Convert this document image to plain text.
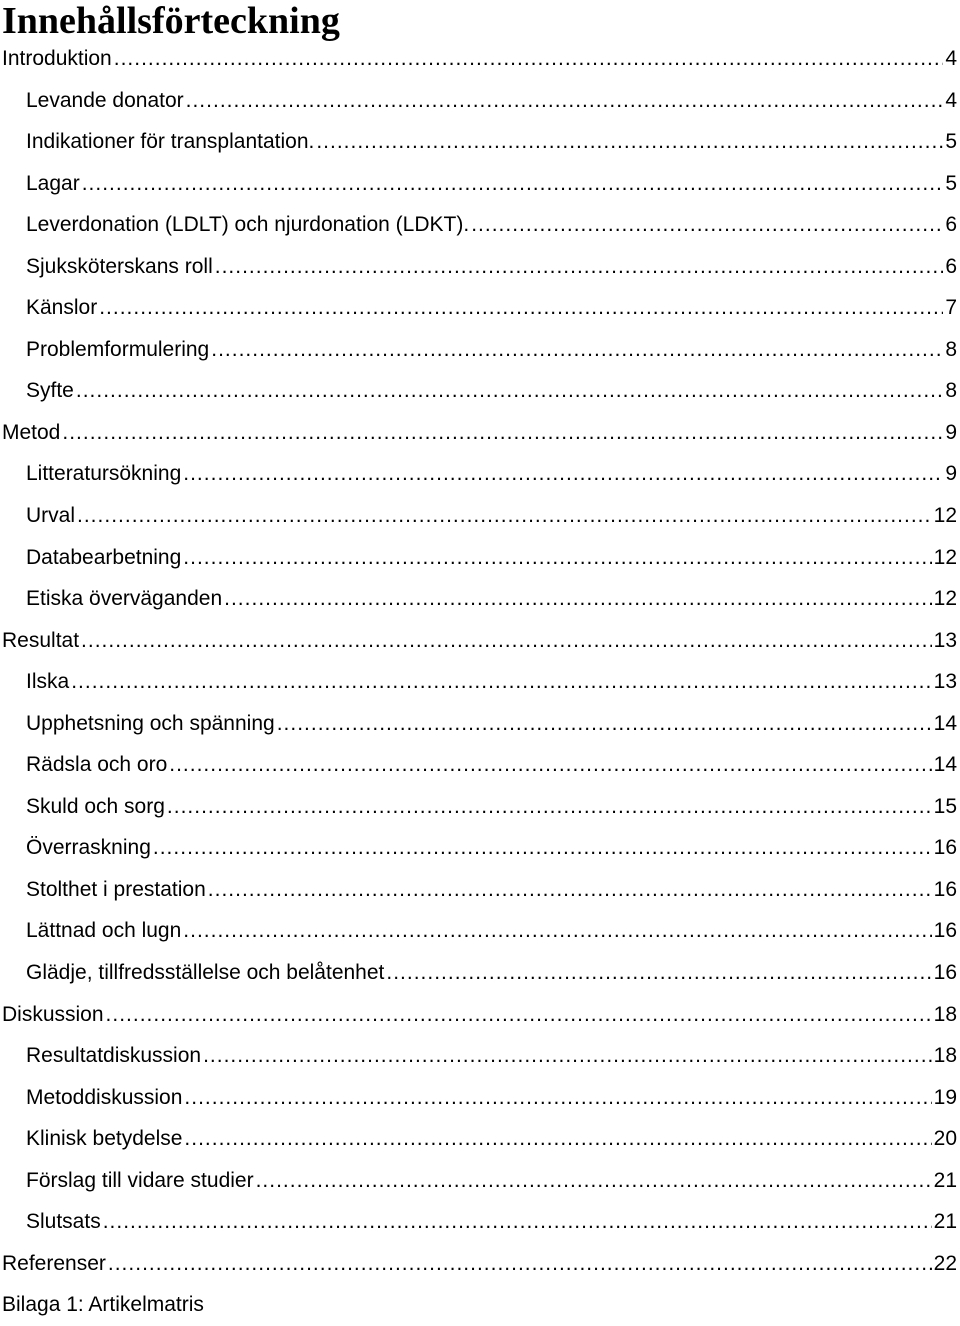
Innehållsförteckning
Introduktion .....	4
Levande donator .....	4
Indikationer för transplantation. .....	5
Lagar .....	5
Leverdonation (LDLT) och njurdonation (LDKT). .....	6
Sjuksköterskans roll .....	6
Känslor .....	7
Problemformulering .....	8
Syfte .....	8
Metod .....	9
Litteratursökning .....	9
Urval .....	12
Databearbetning .....	12
Etiska överväganden .....	12
Resultat .....	13
Ilska .....	13
Upphetsning och spänning .....	14
Rädsla och oro .....	14
Skuld och sorg .....	15
Överraskning .....	16
Stolthet i prestation .....	16
Lättnad och lugn .....	16
Glädje, tillfredsställelse och belåtenhet .....	16
Diskussion .....	18
Resultatdiskussion .....	18
Metoddiskussion .....	19
Klinisk betydelse .....	20
Förslag till vidare studier .....	21
Slutsats .....	21
Referenser .....	22
Bilaga 1: Artikelmatris
